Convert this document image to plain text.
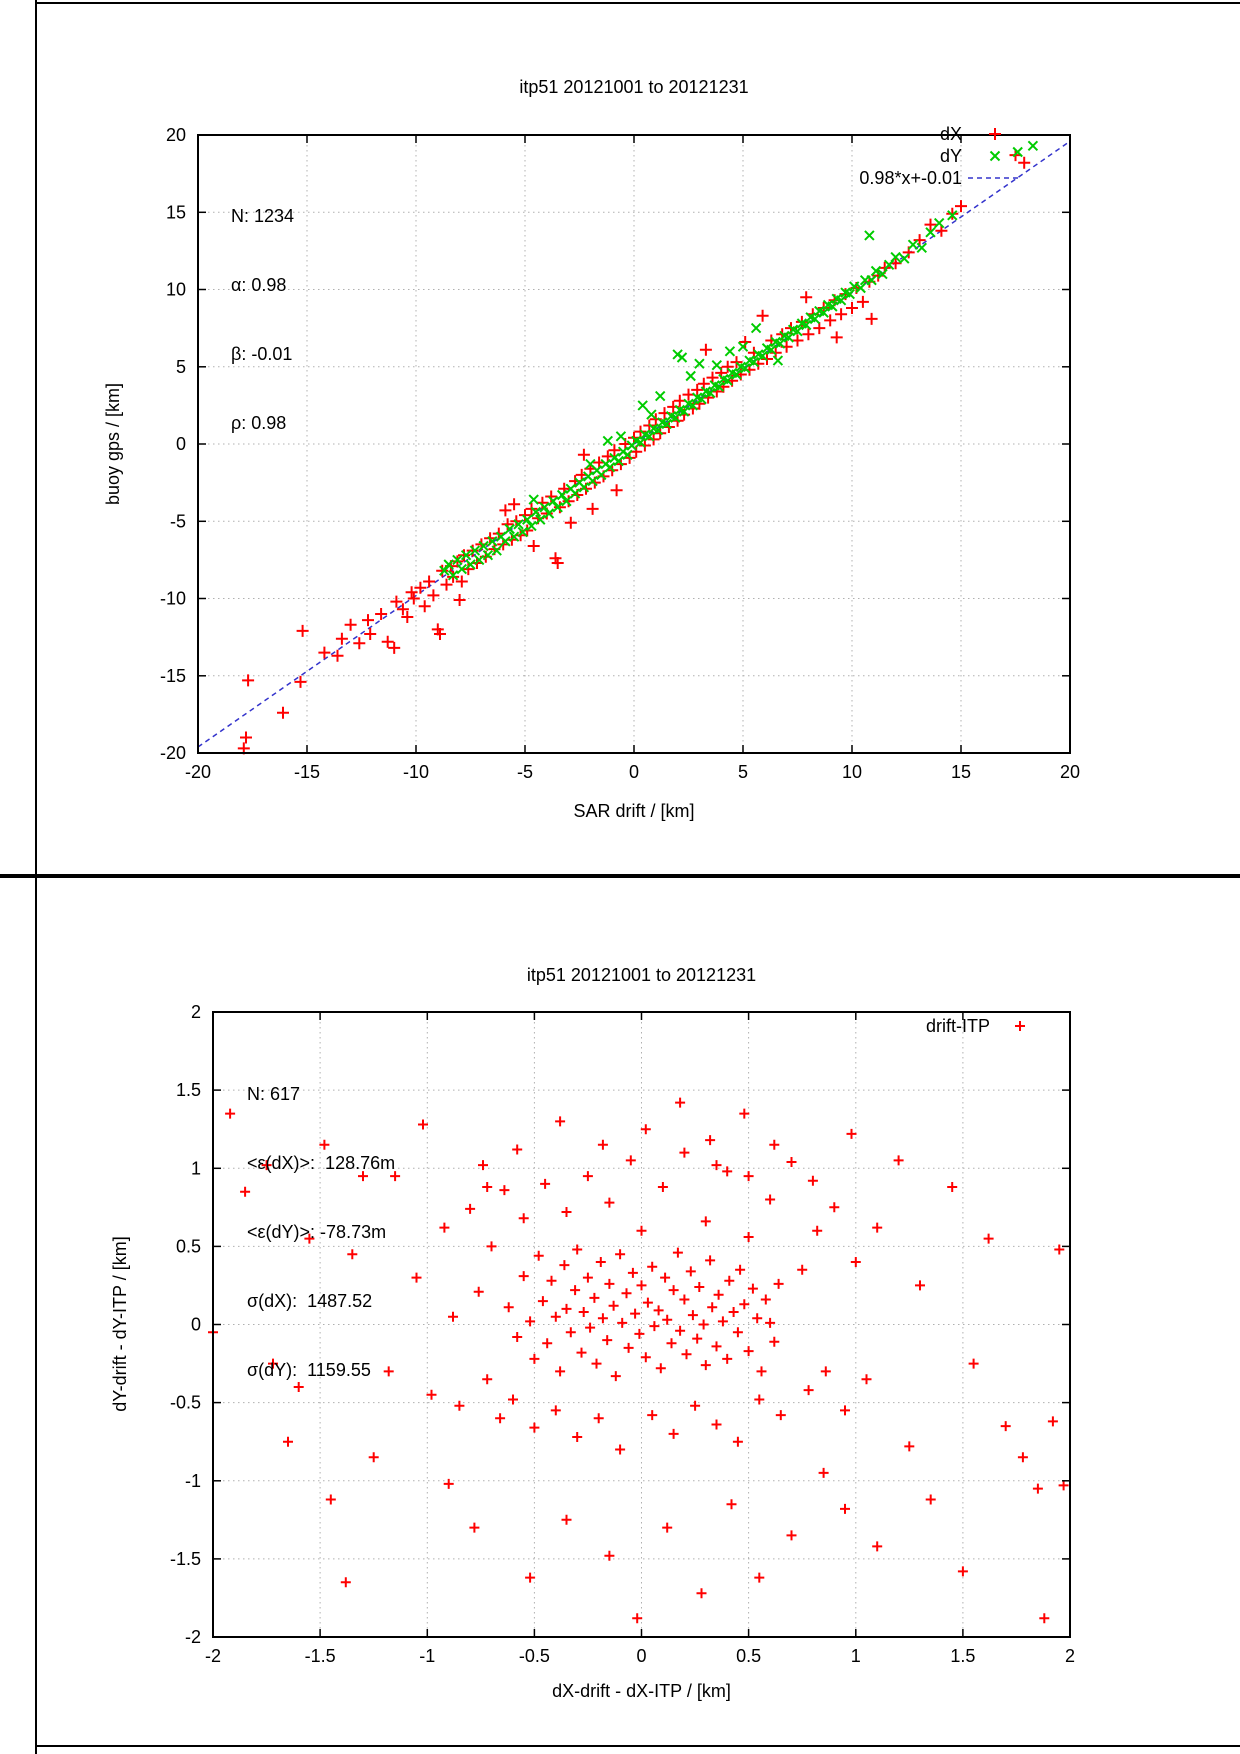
-20	-15	-10	-5	0	5	10	15	20
-20
-15
-10
-5
0
5
10
15
20
-2	-1.5	-1	-0.5	0	0.5	1	1.5	2
-2
-1.5
-1
-0.5
0
0.5
1
1.5
2
itp51 20121001 to 20121231
buoy gps / [km]
SAR drift / [km]

N: 1234

α: 0.98

β: -0.01

ρ: 0.98

dX
dY
0.98*x+-0.01
itp51 20121001 to 20121231
dY-drift - dY-ITP / [km]
dX-drift - dX-ITP / [km]

N: 617

<ε(dX)>:  128.76m

<ε(dY)>: -78.73m

σ(dX):  1487.52

σ(dY):  1159.55

drift-ITP
